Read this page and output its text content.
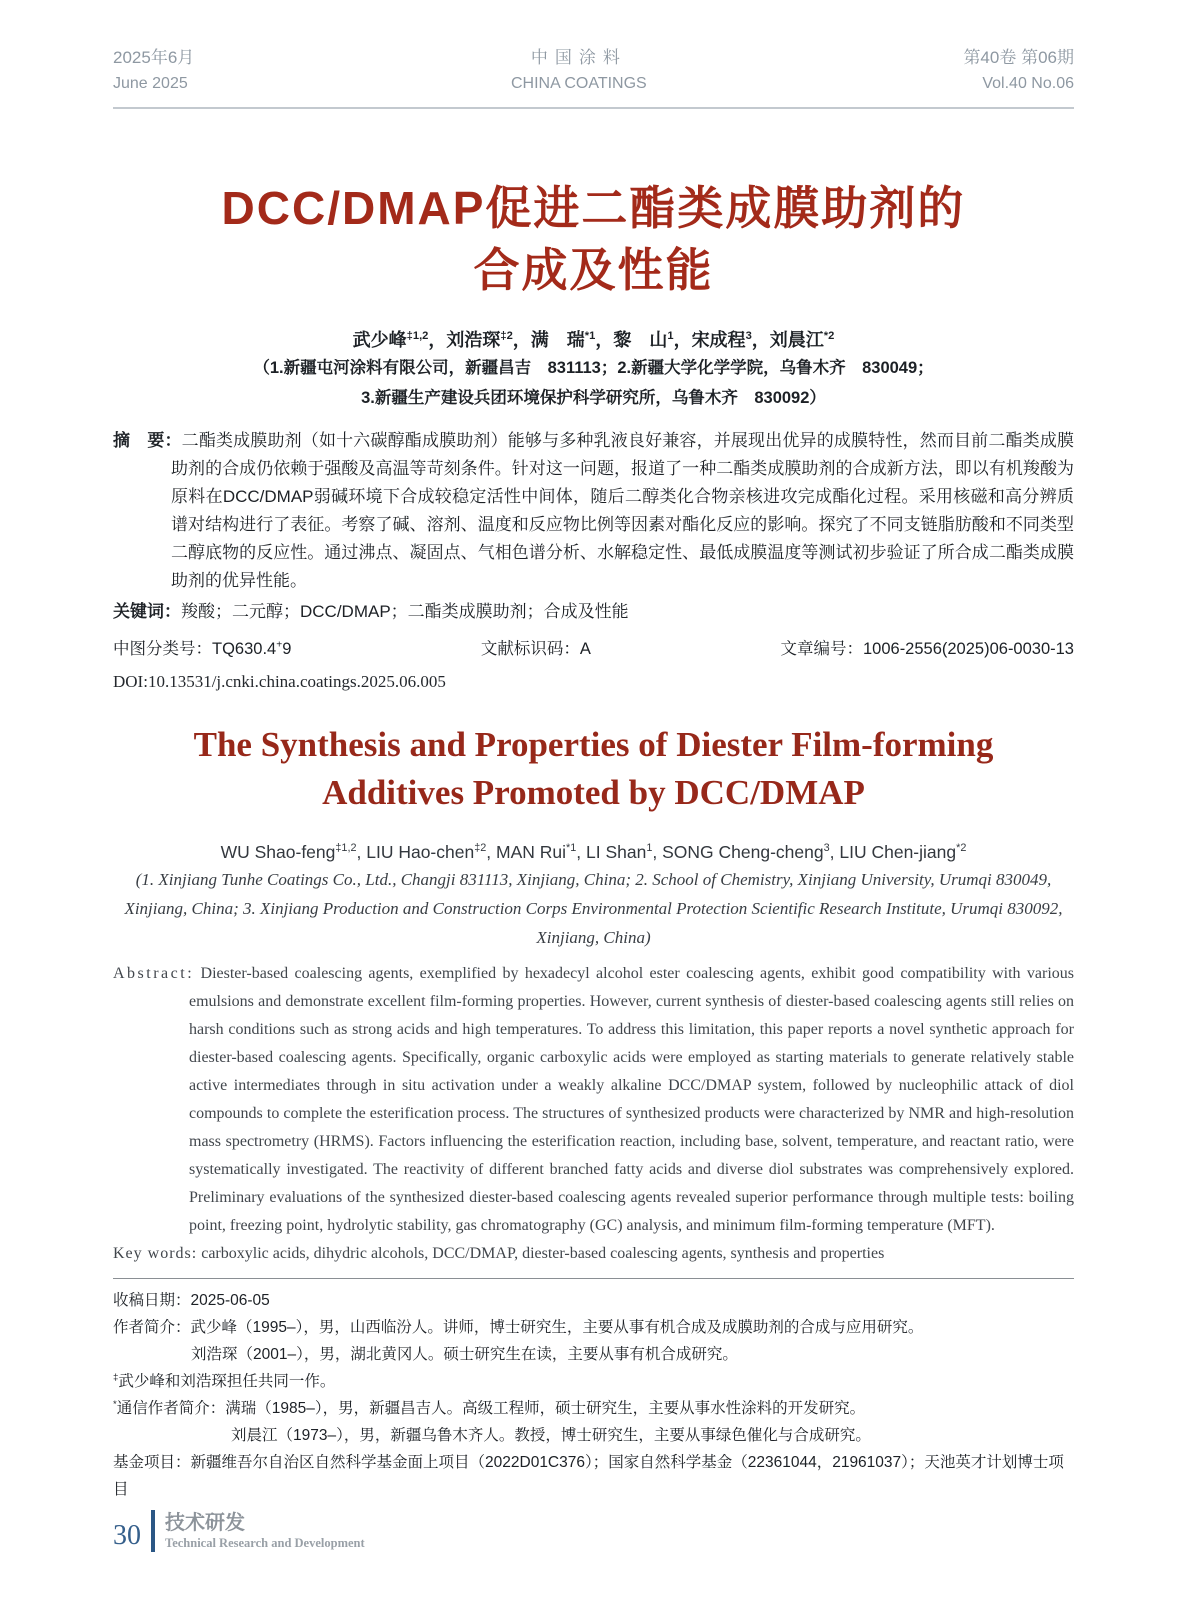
2025年6月
June 2025
中国涂料
CHINA COATINGS
第40卷 第06期
Vol.40 No.06
DCC/DMAP促进二酯类成膜助剂的
合成及性能
武少峰$^{\ddagger 1,2}$，刘浩琛$^{\ddagger 2}$，满　瑞$^{*1}$，黎　山$^1$，宋成程$^3$，刘晨江$^{*2}$
（1.新疆屯河涂料有限公司，新疆昌吉　831113；2.新疆大学化学学院，乌鲁木齐　830049；
3.新疆生产建设兵团环境保护科学研究所，乌鲁木齐　830092）

摘　要：二酯类成膜助剂（如十六碳醇酯成膜助剂）能够与多种乳液良好兼容，并展现出优异的成膜特性，然而目前二酯类成膜助剂的合成仍依赖于强酸及高温等苛刻条件。针对这一问题，报道了一种二酯类成膜助剂的合成新方法，即以有机羧酸为原料在DCC/DMAP弱碱环境下合成较稳定活性中间体，随后二醇类化合物亲核进攻完成酯化过程。采用核磁和高分辨质谱对结构进行了表征。考察了碱、溶剂、温度和反应物比例等因素对酯化反应的影响。探究了不同支链脂肪酸和不同类型二醇底物的反应性。通过沸点、凝固点、气相色谱分析、水解稳定性、最低成膜温度等测试初步验证了所合成二酯类成膜助剂的优异性能。

关键词：羧酸；二元醇；DCC/DMAP；二酯类成膜助剂；合成及性能

中图分类号：TQ630.4+9	文献标识码：A	文章编号：1006-2556(2025)06-0030-13
DOI:10.13531/j.cnki.china.coatings.2025.06.005
The Synthesis and Properties of Diester Film-forming
Additives Promoted by DCC/DMAP
WU Shao-feng$^{\ddagger 1,2}$, LIU Hao-chen$^{\ddagger 2}$, MAN Rui$^{*1}$, LI Shan$^1$, SONG Cheng-cheng$^3$, LIU Chen-jiang$^{*2}$
(1. Xinjiang Tunhe Coatings Co., Ltd., Changji 831113, Xinjiang, China; 2. School of Chemistry, Xinjiang University, Urumqi 830049, Xinjiang, China; 3. Xinjiang Production and Construction Corps Environmental Protection Scientific Research Institute, Urumqi 830092, Xinjiang, China)

Abstract: Diester-based coalescing agents, exemplified by hexadecyl alcohol ester coalescing agents, exhibit good compatibility with various emulsions and demonstrate excellent film-forming properties. However, current synthesis of diester-based coalescing agents still relies on harsh conditions such as strong acids and high temperatures. To address this limitation, this paper reports a novel synthetic approach for diester-based coalescing agents. Specifically, organic carboxylic acids were employed as starting materials to generate relatively stable active intermediates through in situ activation under a weakly alkaline DCC/DMAP system, followed by nucleophilic attack of diol compounds to complete the esterification process. The structures of synthesized products were characterized by NMR and high-resolution mass spectrometry (HRMS). Factors influencing the esterification reaction, including base, solvent, temperature, and reactant ratio, were systematically investigated. The reactivity of different branched fatty acids and diverse diol substrates was comprehensively explored. Preliminary evaluations of the synthesized diester-based coalescing agents revealed superior performance through multiple tests: boiling point, freezing point, hydrolytic stability, gas chromatography (GC) analysis, and minimum film-forming temperature (MFT).

Key words: carboxylic acids, dihydric alcohols, DCC/DMAP, diester-based coalescing agents, synthesis and properties

收稿日期：2025-06-05
作者简介：武少峰（1995–），男，山西临汾人。讲师，博士研究生，主要从事有机合成及成膜助剂的合成与应用研究。
刘浩琛（2001–），男，湖北黄冈人。硕士研究生在读，主要从事有机合成研究。
‡武少峰和刘浩琛担任共同一作。
*通信作者简介：满瑞（1985–），男，新疆昌吉人。高级工程师，硕士研究生，主要从事水性涂料的开发研究。
刘晨江（1973–），男，新疆乌鲁木齐人。教授，博士研究生，主要从事绿色催化与合成研究。
基金项目：新疆维吾尔自治区自然科学基金面上项目（2022D01C376）；国家自然科学基金（22361044，21961037）；天池英才计划博士项目
30 技术研发
Technical Research and Development
